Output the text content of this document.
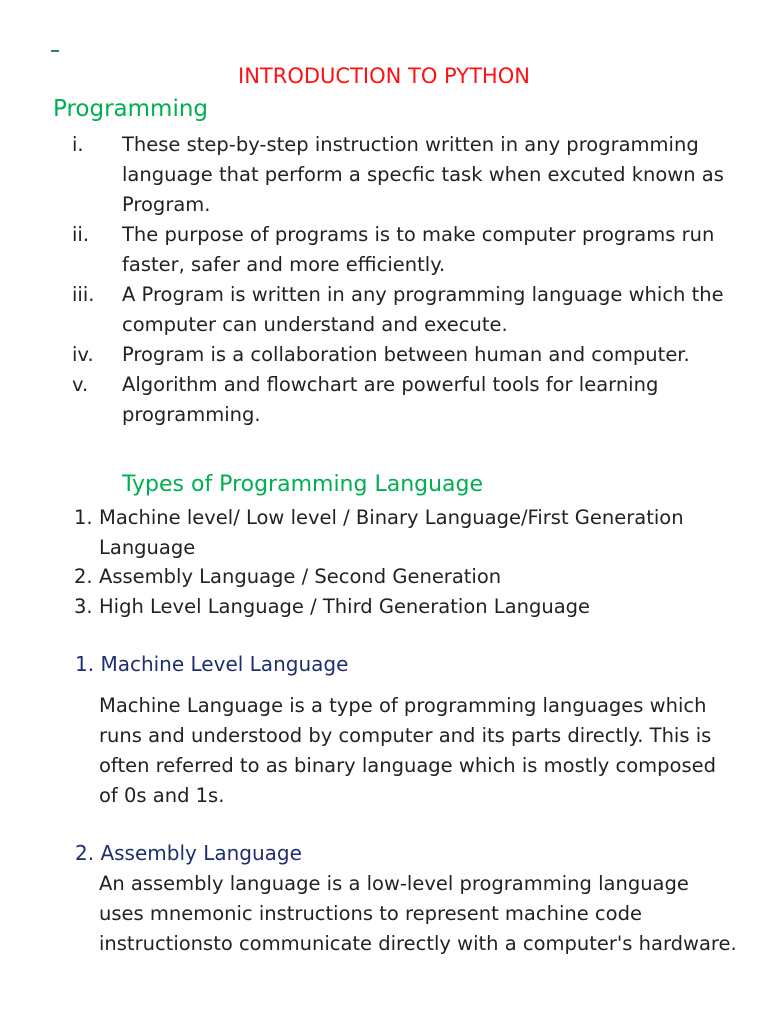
INTRODUCTION TO PYTHON
Programming
i. These step-by-step instruction written in any programming language that perform a specfic task when excuted known as Program.
ii. The purpose of programs is to make computer programs run faster, safer and more efficiently.
iii. A Program is written in any programming language which the computer can understand and execute.
iv. Program is a collaboration between human and computer.
v. Algorithm and flowchart are powerful tools for learning programming.
Types of Programming Language
1. Machine level/ Low level / Binary Language/First Generation Language
2. Assembly Language / Second Generation
3. High Level Language / Third Generation Language
1. Machine Level Language

Machine Language is a type of programming languages which runs and understood by computer and its parts directly. This is often referred to as binary language which is mostly composed of 0s and 1s.

2. Assembly Language

An assembly language is a low-level programming language uses mnemonic instructions to represent machine code instructionsto communicate directly with a computer's hardware.
